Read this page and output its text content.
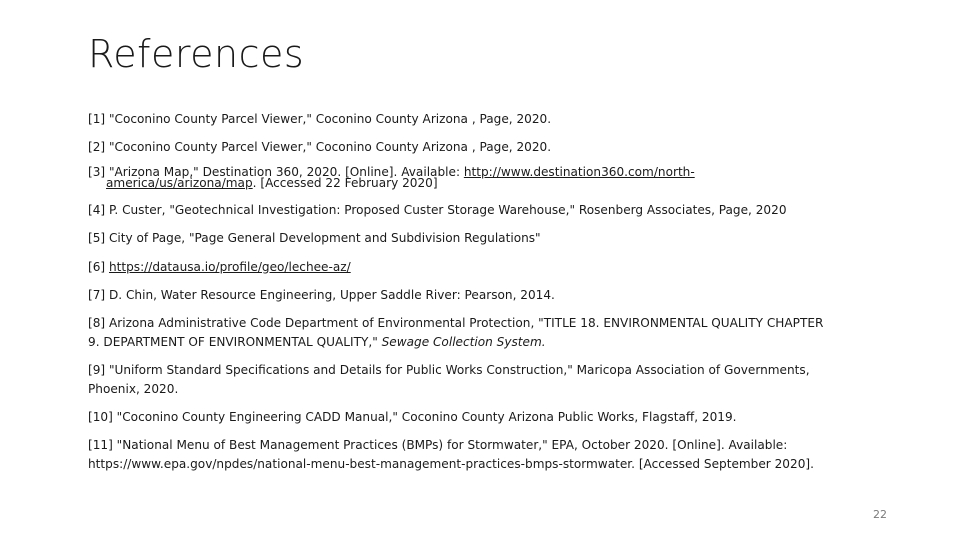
References

[1] "Coconino County Parcel Viewer," Coconino County Arizona , Page, 2020.

[2] "Coconino County Parcel Viewer," Coconino County Arizona , Page, 2020.

[3] "Arizona Map," Destination 360, 2020. [Online]. Available: http://www.destination360.com/north-america/us/arizona/map. [Accessed 22 February 2020]

[4] P. Custer, "Geotechnical Investigation: Proposed Custer Storage Warehouse," Rosenberg Associates, Page, 2020

[5] City of Page, "Page General Development and Subdivision Regulations"

[6] https://datausa.io/profile/geo/lechee-az/

[7] D. Chin, Water Resource Engineering, Upper Saddle River: Pearson, 2014.

[8] Arizona Administrative Code Department of Environmental Protection, "TITLE 18. ENVIRONMENTAL QUALITY CHAPTER 9. DEPARTMENT OF ENVIRONMENTAL QUALITY," Sewage Collection System.

[9] "Uniform Standard Specifications and Details for Public Works Construction," Maricopa Association of Governments, Phoenix, 2020.

[10] "Coconino County Engineering CADD Manual," Coconino County Arizona Public Works, Flagstaff, 2019.

[11] "National Menu of Best Management Practices (BMPs) for Stormwater," EPA, October 2020. [Online]. Available: https://www.epa.gov/npdes/national-menu-best-management-practices-bmps-stormwater. [Accessed September 2020].

22
